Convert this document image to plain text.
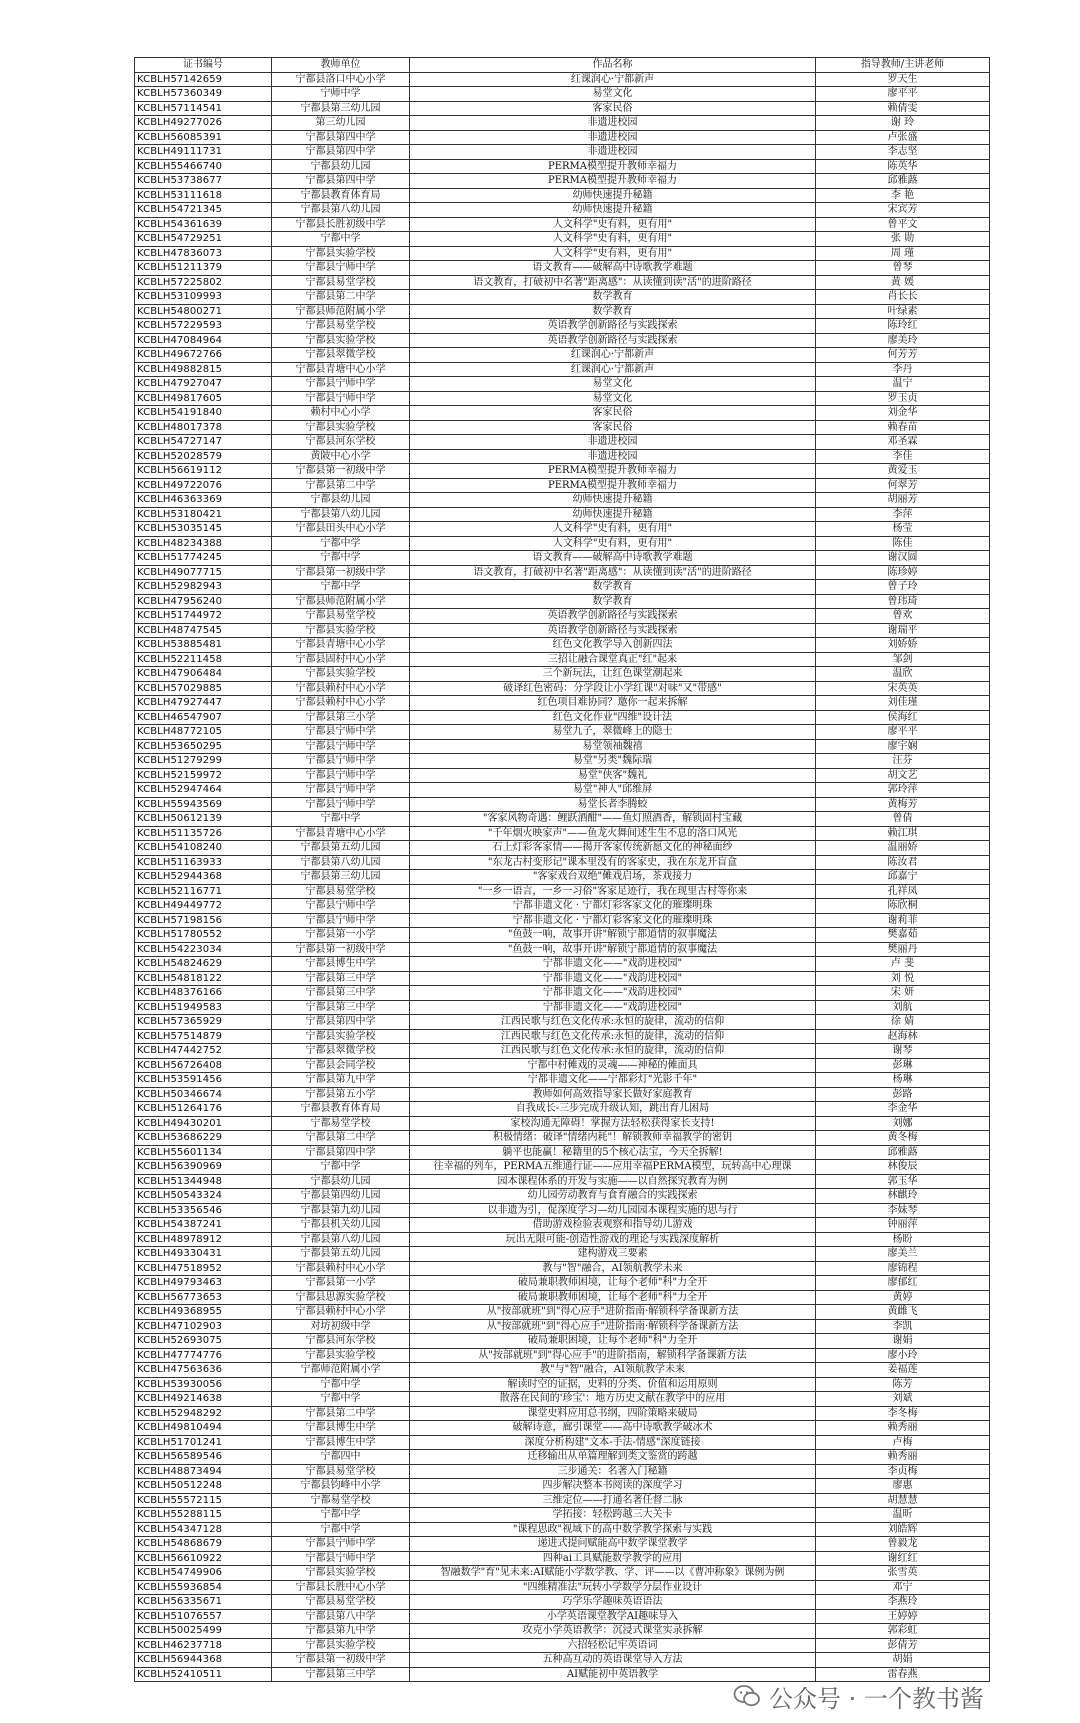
证书编号	教师单位	作品名称	指导教师/主讲老师
KCBLH57142659	宁都县洛口中心小学	红课润心·宁都新声	罗天生
KCBLH57360349	宁师中学	易堂文化	廖平平
KCBLH57114541	宁都县第三幼儿园	客家民俗	赖倩雯
KCBLH49277026	第三幼儿园	非遗进校园	谢 玲
KCBLH56085391	宁都县第四中学	非遗进校园	卢张盛
KCBLH49111731	宁都县第四中学	非遗进校园	李志坚
KCBLH55466740	宁都县幼儿园	PERMA模型提升教师幸福力	陈英华
KCBLH53738677	宁都县第四中学	PERMA模型提升教师幸福力	邱雅蕗
KCBLH53111618	宁都县教育体育局	幼师快速提升秘籍	李 艳
KCBLH54721345	宁都县第八幼儿园	幼师快速提升秘籍	宋宾芳
KCBLH54361639	宁都县长胜初级中学	人文科学"史有料，更有用"	曾平文
KCBLH54729251	宁都中学	人文科学"史有料，更有用"	张 勋
KCBLH47836073	宁都县实验学校	人文科学"史有料，更有用"	周 瑾
KCBLH51211379	宁都县宁师中学	语文教育——破解高中诗歌教学难题	曾琴
KCBLH57225802	宁都县易堂学校	语文教育，打破初中名著"距离感"：从读懂到读"活"的进阶路径	黄 媛
KCBLH53109993	宁都县第二中学	数学教育	肖长长
KCBLH54800271	宁都县师范附属小学	数学教育	叶绿素
KCBLH57229593	宁都县易堂学校	英语教学创新路径与实践探索	陈玲红
KCBLH47084964	宁都县实验学校	英语教学创新路径与实践探索	廖美玲
KCBLH49672766	宁都县翠微学校	红课润心·宁都新声	何芳芳
KCBLH49882815	宁都县青塘中心小学	红课润心·宁都新声	李丹
KCBLH47927047	宁都县宁师中学	易堂文化	温宁
KCBLH49817605	宁都县宁师中学	易堂文化	罗玉贞
KCBLH54191840	赖村中心小学	客家民俗	刘金华
KCBLH48017378	宁都县实验学校	客家民俗	赖春苗
KCBLH54727147	宁都县河东学校	非遗进校园	邓圣霖
KCBLH52028579	黄陂中心小学	非遗进校园	李佳
KCBLH56619112	宁都县第一初级中学	PERMA模型提升教师幸福力	黄爱玉
KCBLH49722076	宁都县第二中学	PERMA模型提升教师幸福力	何翠芳
KCBLH46363369	宁都县幼儿园	幼师快速提升秘籍	胡丽芳
KCBLH53180421	宁都县第八幼儿园	幼师快速提升秘籍	李萍
KCBLH53035145	宁都县田头中心小学	人文科学"史有料，更有用"	杨莹
KCBLH48234388	宁都中学	人文科学"史有料，更有用"	陈佳
KCBLH51774245	宁都中学	语文教育——破解高中诗歌教学难题	谢汉圆
KCBLH49077715	宁都县第一初级中学	语文教育，打破初中名著"距离感"：从读懂到读"活"的进阶路径	陈珍婷
KCBLH52982943	宁都中学	数学教育	曾子玲
KCBLH47956240	宁都县师范附属小学	数学教育	曾玮琦
KCBLH51744972	宁都县易堂学校	英语教学创新路径与实践探索	曾欢
KCBLH48747545	宁都县实验学校	英语教学创新路径与实践探索	谢瑞平
KCBLH53885481	宁都县青塘中心小学	红色文化教学导入创新四法	刘娇娇
KCBLH52211458	宁都县固村中心小学	三招让融合课堂真正"红"起来	邹剑
KCBLH47906484	宁都县实验学校	三个新玩法，让红色课堂潮起来	温欣
KCBLH57029885	宁都县赖村中心小学	破译红色密码：分学段让小学红课"对味"又"带感"	宋英英
KCBLH47927447	宁都县赖村中心小学	红色项目难协同？邀你一起来拆解	刘佳瑾
KCBLH46547907	宁都县第三小学	红色文化作业"四维"设计法	侯海红
KCBLH48772105	宁都县宁师中学	易堂九子，翠微峰上的隐士	廖平平
KCBLH53650295	宁都县宁师中学	易堂领袖魏禧	廖宇娴
KCBLH51279299	宁都县宁师中学	易堂"另类"魏际瑞	汪芬
KCBLH52159972	宁都县宁师中学	易堂"侠客"魏礼	胡文艺
KCBLH52947464	宁都县宁师中学	易堂"神人"邱维屏	郭玲萍
KCBLH55943569	宁都县宁师中学	易堂长者李腾蛟	黄梅芳
KCBLH50612139	宁都中学	"客家风物奇遇：鲤跃酒酣"——鱼灯照酒香，解锁固村宝藏	曾倩
KCBLH51135726	宁都县青塘中心小学	"千年烟火映家声"——鱼龙火舞间述生生不息的洛口风光	赖江琪
KCBLH54108240	宁都县第五幼儿园	石上灯彩客家情——揭开客家传统新愿文化的神秘面纱	温丽娇
KCBLH51163933	宁都县第八幼儿园	"东龙古村变形记"课本里没有的客家史，我在东龙开盲盒	陈汝君
KCBLH52944368	宁都县第三幼儿园	"客家戏台双绝"傩戏启场，茶戏接力	邱嘉宁
KCBLH52116771	宁都县易堂学校	"一乡一语言，一乡一习俗"客家足迹行，我在现里古村等你来	孔祥凤
KCBLH49449772	宁都县宁师中学	宁都非遗文化 · 宁都灯彩客家文化的璀璨明珠	陈欣桐
KCBLH57198156	宁都县宁师中学	宁都非遗文化 · 宁都灯彩客家文化的璀璨明珠	谢莉菲
KCBLH51780552	宁都县第一小学	"鱼鼓一响，故事开讲"解锁宁都道情的叙事魔法	樊嘉茹
KCBLH54223034	宁都县第一初级中学	"鱼鼓一响，故事开讲"解锁宁都道情的叙事魔法	樊丽丹
KCBLH54824629	宁都县博生中学	宁都非遗文化——"戏韵进校园"	卢 斐
KCBLH54818122	宁都县第三中学	宁都非遗文化——"戏韵进校园"	刘 悦
KCBLH48376166	宁都县第三中学	宁都非遗文化——"戏韵进校园"	宋 妍
KCBLH51949583	宁都县第三中学	宁都非遗文化——"戏韵进校园"	刘航
KCBLH57365929	宁都县第四中学	江西民歌与红色文化传承:永恒的旋律，流动的信仰	徐 婧
KCBLH57514879	宁都县实验学校	江西民歌与红色文化传承:永恒的旋律，流动的信仰	赵海林
KCBLH47442752	宁都县翠微学校	江西民歌与红色文化传承:永恒的旋律，流动的信仰	谢琴
KCBLH56726408	宁都县会同学校	宁都中村傩戏的灵魂——神秘的傩面具	彭琳
KCBLH53591456	宁都县第九中学	宁都非遗文化——宁都彩灯"光影千年"	杨琳
KCBLH50346674	宁都县第五小学	教师如何高效指导家长做好家庭教育	彭路
KCBLH51264176	宁都县教育体育局	自我成长-三步完成升级认知，跳出育儿困局	李金华
KCBLH49430201	宁都易堂学校	家校沟通无障碍！掌握方法轻松获得家长支持!	刘娜
KCBLH53686229	宁都县第二中学	积极情绪：破译"情绪内耗"！解锁教师幸福教学的密钥	黄冬梅
KCBLH55601134	宁都县第四中学	躺平也能赢！秘籍里的5个核心法宝，今天全拆解!	邱雅蕗
KCBLH56390969	宁都中学	往幸福的列车，PERMA五维通行证——应用幸福PERMA模型，玩转高中心理课	林俊辰
KCBLH51344948	宁都县幼儿园	园本课程体系的开发与实施——以自然探究教育为例	郭玉华
KCBLH50543324	宁都县第四幼儿园	幼儿园劳动教育与食育融合的实践探索	林麒玲
KCBLH53356546	宁都县第九幼儿园	以非遗为引，促深度学习—幼儿园园本课程实施的思与行	李妹琴
KCBLH54387241	宁都县机关幼儿园	借助游戏检验表观察和指导幼儿游戏	钟丽萍
KCBLH48978912	宁都县第八幼儿园	玩出无限可能-创造性游戏的理论与实践深度解析	杨盼
KCBLH49330431	宁都县第五幼儿园	建构游戏三要素	廖美兰
KCBLH47518952	宁都县赖村中心小学	教与"智"融合，AI领航教学未来	廖锦程
KCBLH49793463	宁都县第一小学	破局兼职教师困境，让每个老师"科"力全开	廖郁红
KCBLH56773653	宁都县思源实验学校	破局兼职教师困境，让每个老师"科"力全开	黄婷
KCBLH49368955	宁都县赖村中心小学	从"按部就班"到"得心应手"进阶指南·解锁科学备课新方法	黄雌飞
KCBLH47102903	对坊初级中学	从"按部就班"到"得心应手"进阶指南·解锁科学备课新方法	李凯
KCBLH52693075	宁都县河东学校	破局兼职困境，让每个老师"科"力全开	谢娟
KCBLH47774776	宁都县实验学校	从"按部就班"到"得心应手"的进阶指南，解锁科学备课新方法	廖小玲
KCBLH47563636	宁都师范附属小学	教"与"智"融合，AI领航教学未来	姜福莲
KCBLH53930056	宁都中学	解读时空的证据，史料的分类、价值和运用原则	陈芳
KCBLH49214638	宁都中学	散落在民间的'珍宝'：地方历史文献在教学中的应用	刘斌
KCBLH52948292	宁都县第二中学	课堂史料应用总书纲，四阶策略来破局	李冬梅
KCBLH49810494	宁都县博生中学	破解诗意，廊引课堂——高中诗歌教学破冰术	赖秀丽
KCBLH51701241	宁都县博生中学	深度分析构建"文本-手法-情感"深度链接	卢梅
KCBLH56589546	宁都四中	迁移输出从单篇理解到类文鉴赏的跨越	赖秀丽
KCBLH48873494	宁都县易堂学校	三步通关：名著入门秘籍	李贞梅
KCBLH50512248	宁都县钧峰中小学	四步解决整本书阅读的深度学习	廖惠
KCBLH55572115	宁都易堂学校	三维定位——打通名著任督二脉	胡慧慧
KCBLH55288115	宁都中学	学拓接：轻松跨越三大关卡	温昕
KCBLH54347128	宁都中学	"课程思政"视域下的高中数学教学探索与实践	刘皓辉
KCBLH54868679	宁都县宁师中学	递进式提问赋能高中数学课堂教学	曾毅龙
KCBLH56610922	宁都县宁师中学	四种ai工具赋能数学教学的应用	谢红红
KCBLH54749906	宁都县实验学校	智融数学"育"见未来:AI赋能小学数学教、学、评——以《曹冲称象》课例为例	张雪英
KCBLH55936854	宁都县长胜中心小学	"四维精准法"玩转小学数学分层作业设计	邓宁
KCBLH56335671	宁都县易堂学校	巧学乐学趣味英语语法	李燕玲
KCBLH51076557	宁都县第八中学	小学英语课堂教学AI趣味导入	王婷婷
KCBLH50025499	宁都县第九中学	攻克小学英语教学：沉浸式课堂实录拆解	郭彩虹
KCBLH46237718	宁都县实验学校	六招轻松记牢英语词	彭倩芳
KCBLH56944368	宁都县第一初级中学	五种高互动的英语课堂导入方法	胡娟
KCBLH52410511	宁都县第三中学	AI赋能初中英语教学	雷春燕
公众号 · 一个教书酱
